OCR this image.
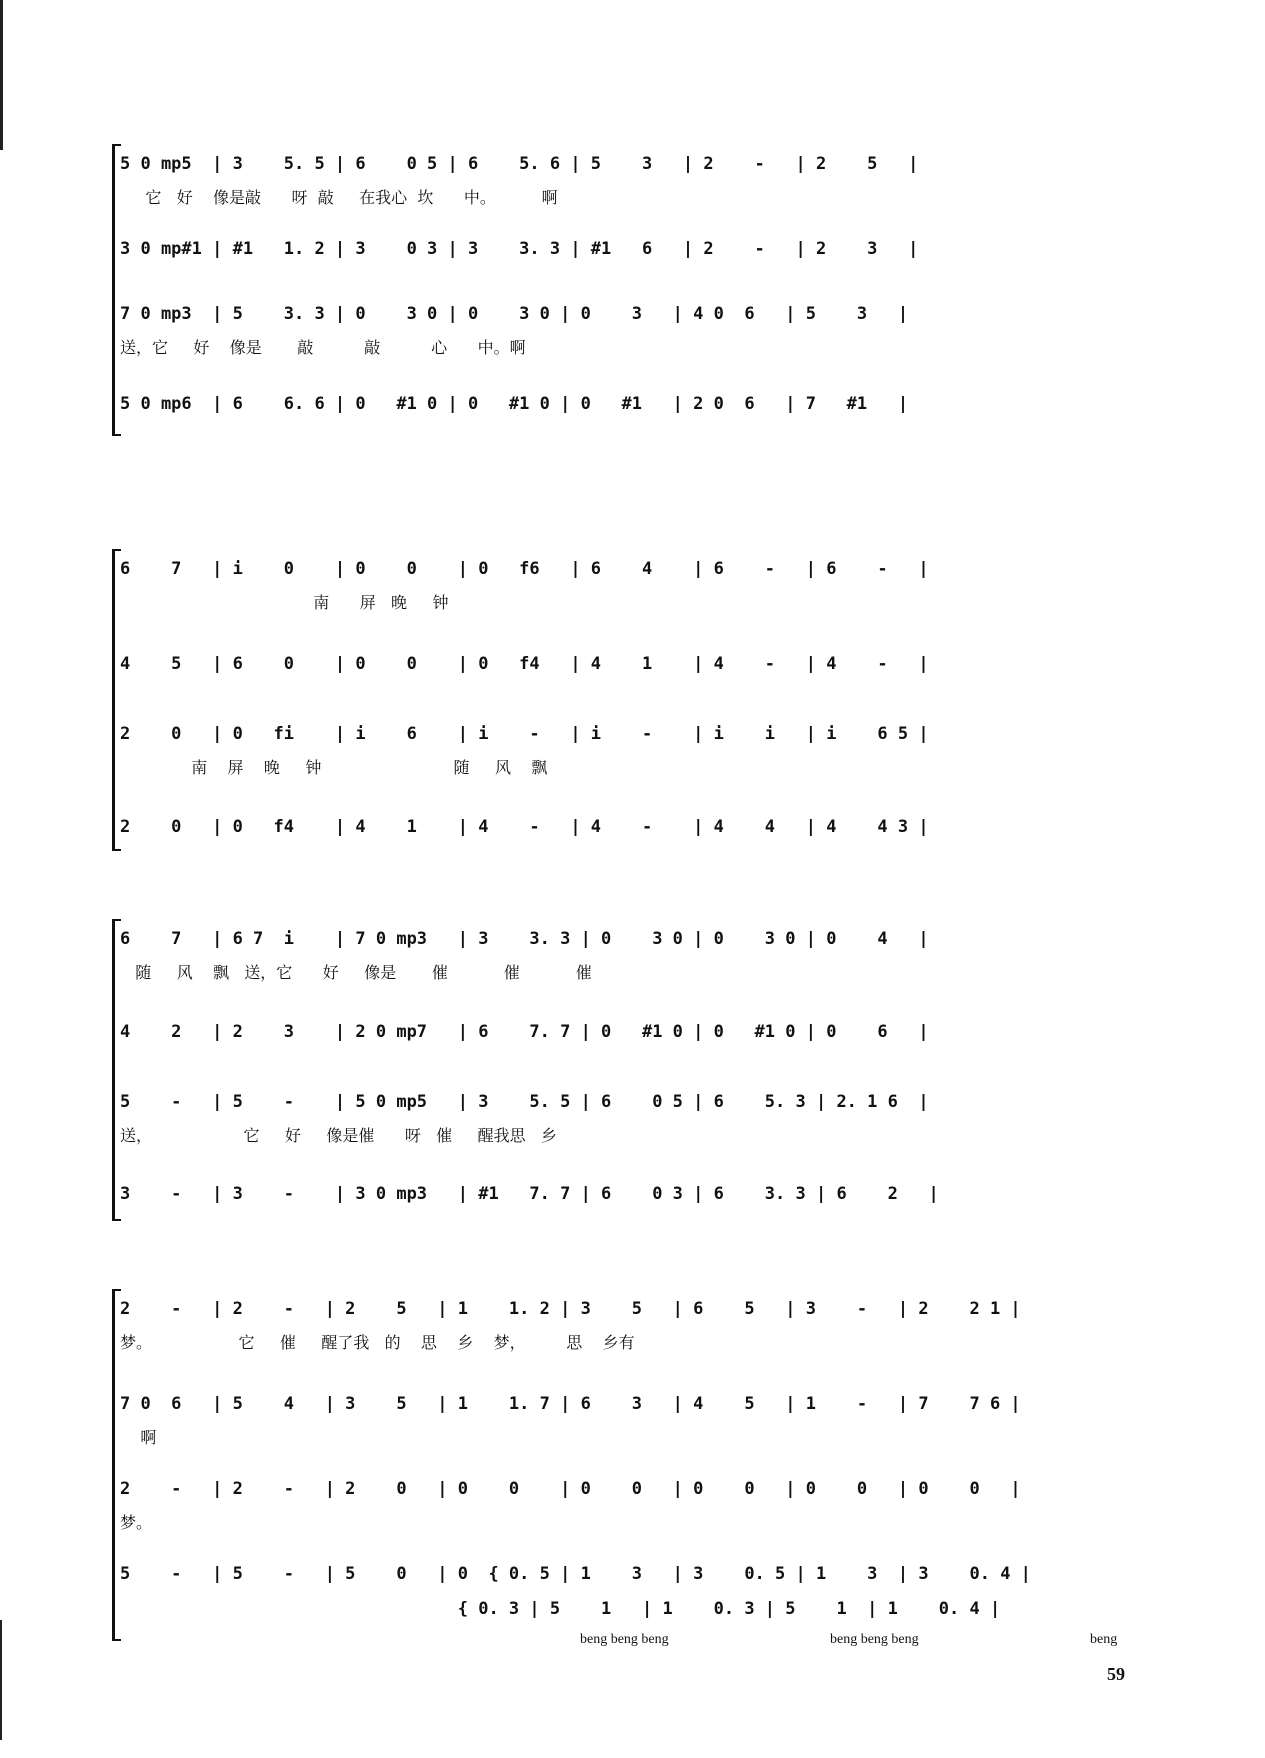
5 0 mp5  | 3    5. 5 | 6    0 5 | 6    5. 6 | 5    3   | 2    -   | 2    5   |
它   好    像是敲      呀  敲     在我心  坎      中。         啊
3 0 mp#1 | #1   1. 2 | 3    0 3 | 3    3. 3 | #1   6   | 2    -   | 2    3   |
7 0 mp3  | 5    3. 3 | 0    3 0 | 0    3 0 | 0    3   | 4 0  6   | 5    3   |
送，它     好    像是       敲          敲          心      中。啊
5 0 mp6  | 6    6. 6 | 0   #1 0 | 0   #1 0 | 0   #1   | 2 0  6   | 7   #1   |
6    7   | i    0    | 0    0    | 0   f6   | 6    4    | 6    -   | 6    -   |
南      屏   晚     钟
4    5   | 6    0    | 0    0    | 0   f4   | 4    1    | 4    -   | 4    -   |
2    0   | 0   fi    | i    6    | i    -   | i    -    | i    i   | i    6 5 |
南    屏    晚     钟                          随     风    飘
2    0   | 0   f4    | 4    1    | 4    -   | 4    -    | 4    4   | 4    4 3 |
6    7   | 6 7  i    | 7 0 mp3   | 3    3. 3 | 0    3 0 | 0    3 0 | 0    4   |
随     风    飘   送，它      好     像是       催           催           催
4    2   | 2    3    | 2 0 mp7   | 6    7. 7 | 0   #1 0 | 0   #1 0 | 0    6   |
5    -   | 5    -    | 5 0 mp5   | 3    5. 5 | 6    0 5 | 6    5. 3 | 2. 1 6  |
送，                  它     好     像是催      呀   催     醒我思   乡
3    -   | 3    -    | 3 0 mp3   | #1   7. 7 | 6    0 3 | 6    3. 3 | 6    2   |
2    -   | 2    -   | 2    5   | 1    1. 2 | 3    5   | 6    5   | 3    -   | 2    2 1 |
梦。                 它     催     醒了我   的    思    乡    梦，        思    乡有
7 0  6   | 5    4   | 3    5   | 1    1. 7 | 6    3   | 4    5   | 1    -   | 7    7 6 |
啊
2    -   | 2    -   | 2    0   | 0    0    | 0    0   | 0    0   | 0    0   | 0    0   |
梦。
5    -   | 5    -   | 5    0   | 0  { 0. 5 | 1    3   | 3    0. 5 | 1    3  | 3    0. 4 |
{ 0. 3 | 5    1   | 1    0. 3 | 5    1  | 1    0. 4 |
beng beng beng	beng beng beng	beng
59
